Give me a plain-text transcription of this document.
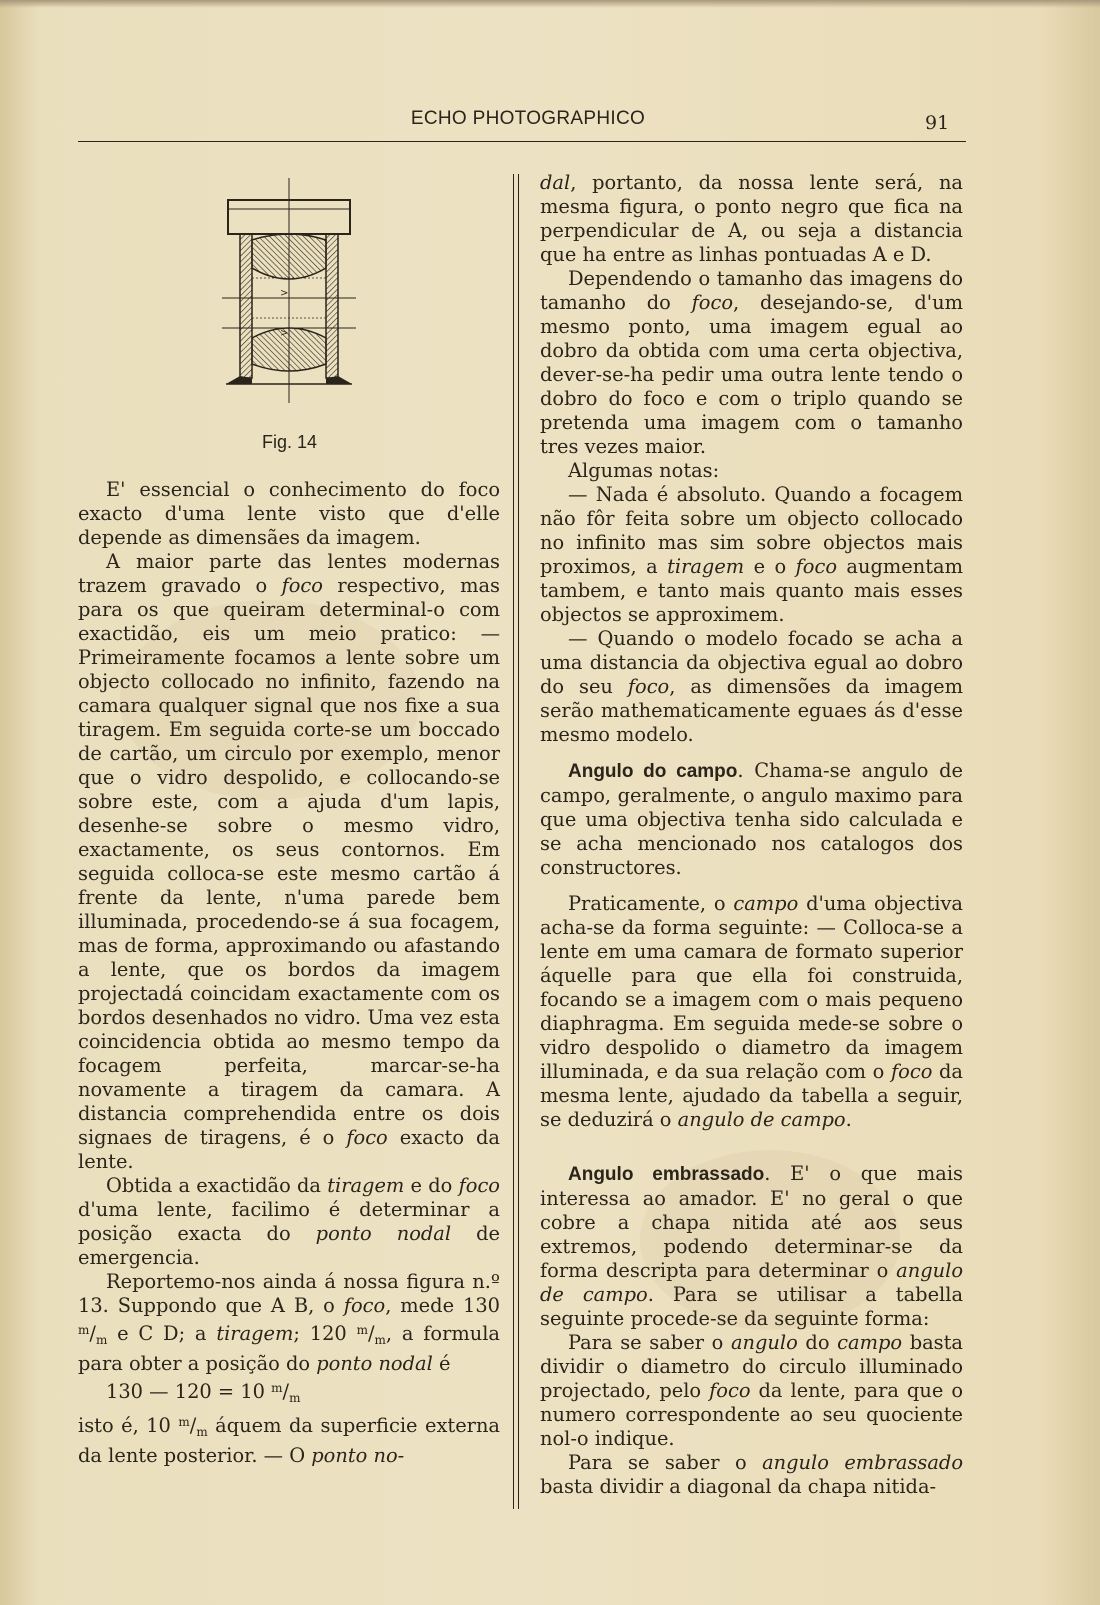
ECHO PHOTOGRAPHICO	91
>
>
Fig. 14

E' essencial o conhecimento do foco exacto d'uma lente visto que d'elle depende as dimensães da imagem.

A maior parte das lentes modernas trazem gravado o foco respectivo, mas para os que queiram determinal-o com exactidão, eis um meio pratico: — Primeiramente focamos a lente sobre um objecto collocado no infinito, fazendo na camara qualquer signal que nos fixe a sua tiragem. Em seguida corte-se um boccado de cartão, um circulo por exemplo, menor que o vidro despolido, e collocando-se sobre este, com a ajuda d'um lapis, desenhe-se sobre o mesmo vidro, exactamente, os seus contornos. Em seguida colloca-se este mesmo cartão á frente da lente, n'uma parede bem illuminada, procedendo-se á sua focagem, mas de forma, approximando ou afastando a lente, que os bordos da imagem projectadá coincidam exactamente com os bordos desenhados no vidro. Uma vez esta coincidencia obtida ao mesmo tempo da focagem perfeita, marcar-se-ha novamente a tiragem da camara. A distancia comprehendida entre os dois signaes de tiragens, é o foco exacto da lente.

Obtida a exactidão da tiragem e do foco d'uma lente, facilimo é determinar a posição exacta do ponto nodal de emergencia.

Reportemo-nos ainda á nossa figura n.º 13. Suppondo que A B, o foco, mede 130 $^m/_m$ e C D; a tiragem; 120 $^m/_m$, a formula para obter a posição do ponto nodal é

130 — 120 = 10 $^m/_m$

isto é, 10 $^m/_m$ áquem da superficie externa da lente posterior. — O ponto no-

dal, portanto, da nossa lente será, na mesma figura, o ponto negro que fica na perpendicular de A, ou seja a distancia que ha entre as linhas pontuadas A e D.

Dependendo o tamanho das imagens do tamanho do foco, desejando-se, d'um mesmo ponto, uma imagem egual ao dobro da obtida com uma certa objectiva, dever-se-ha pedir uma outra lente tendo o dobro do foco e com o triplo quando se pretenda uma imagem com o tamanho tres vezes maior.

Algumas notas:

— Nada é absoluto. Quando a focagem não fôr feita sobre um objecto collocado no infinito mas sim sobre objectos mais proximos, a tiragem e o foco augmentam tambem, e tanto mais quanto mais esses objectos se approximem.

— Quando o modelo focado se acha a uma distancia da objectiva egual ao dobro do seu foco, as dimensões da imagem serão mathematicamente eguaes ás d'esse mesmo modelo.

Angulo do campo. Chama-se angulo de campo, geralmente, o angulo maximo para que uma objectiva tenha sido calculada e se acha mencionado nos catalogos dos constructores.

Praticamente, o campo d'uma objectiva acha-se da forma seguinte: — Colloca-se a lente em uma camara de formato superior áquelle para que ella foi construida, focando se a imagem com o mais pequeno diaphragma. Em seguida mede-se sobre o vidro despolido o diametro da imagem illuminada, e da sua relação com o foco da mesma lente, ajudado da tabella a seguir, se deduzirá o angulo de campo.

Angulo embrassado. E' o que mais interessa ao amador. E' no geral o que cobre a chapa nitida até aos seus extremos, podendo determinar-se da forma descripta para determinar o angulo de campo. Para se utilisar a tabella seguinte procede-se da seguinte forma:

Para se saber o angulo do campo basta dividir o diametro do circulo illuminado projectado, pelo foco da lente, para que o numero correspondente ao seu quociente nol-o indique.

Para se saber o angulo embrassado basta dividir a diagonal da chapa nitida-
